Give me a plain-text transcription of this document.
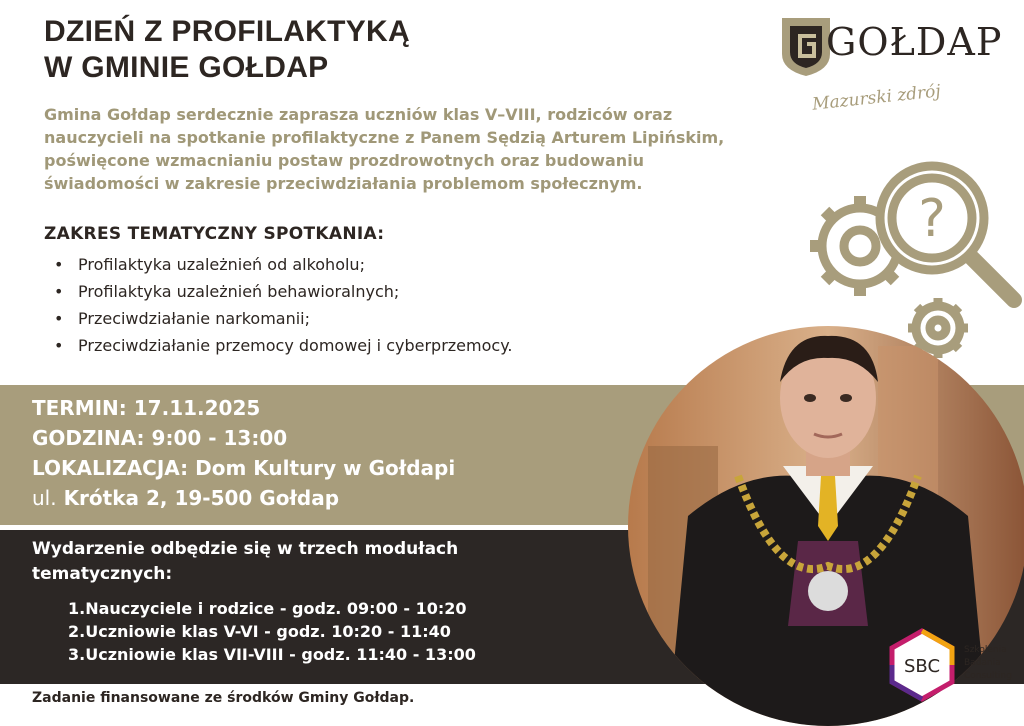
DZIEŃ Z PROFILAKTYKĄ
W GMINIE GOŁDAP
GOŁDAP
Mazurski zdrój

Gmina Gołdap serdecznie zaprasza uczniów klas V–VIII, rodziców oraz nauczycieli na spotkanie profilaktyczne z Panem Sędzią Arturem Lipińskim, poświęcone wzmacnianiu postaw prozdrowotnych oraz budowaniu świadomości w zakresie przeciwdziałania problemom społecznym.

ZAKRES TEMATYCZNY SPOTKANIA:
• Profilaktyka uzależnień od alkoholu;
• Profilaktyka uzależnień behawioralnych;
• Przeciwdziałanie narkomanii;
• Przeciwdziałanie przemocy domowej i cyberprzemocy.
?
TERMIN: 17.11.2025
GODZINA: 9:00 - 13:00
LOKALIZACJA: Dom Kultury w Gołdapi
ul. Krótka 2, 19-500 Gołdap
Wydarzenie odbędzie się w trzech modułach tematycznych:
1.Nauczyciele i rodzice - godz. 09:00 - 10:20
2.Uczniowie klas V-VI - godz. 10:20 - 11:40
3.Uczniowie klas VII-VIII - godz. 11:40 - 13:00
Zadanie finansowane ze środków Gminy Gołdap.
SBC
Szkolenia
Badania
Consulting
